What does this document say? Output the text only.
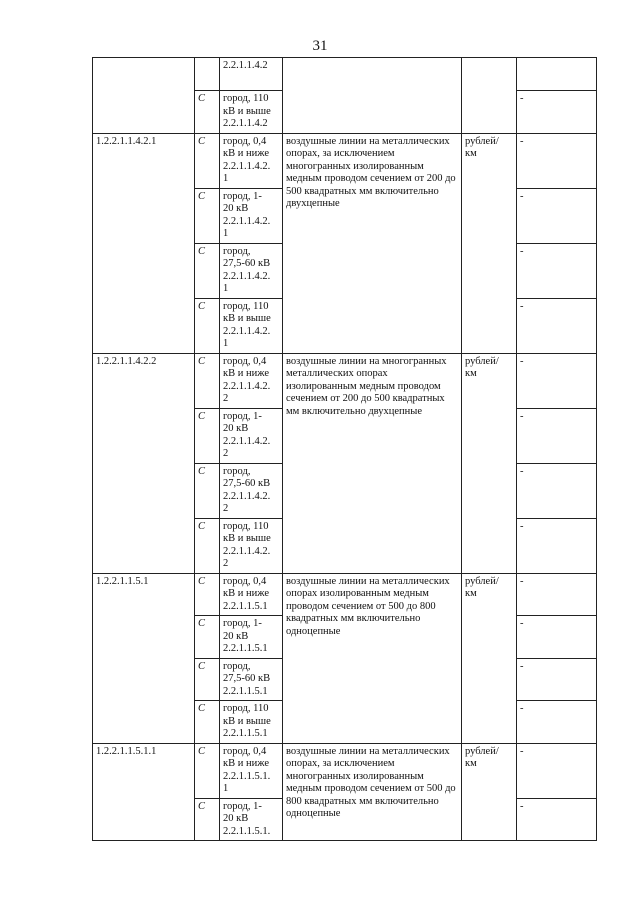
31
		2.2.1.1.4.2			
	С	город, 110
кВ и выше
2.2.1.1.4.2			-
1.2.2.1.1.4.2.1	С	город, 0,4
кВ и ниже
2.2.1.1.4.2.
1	воздушные линии на металлических опорах, за исключением многогранных изолированным медным проводом сечением от 200 до 500 квадратных мм включительно двухцепные	рублей/
км	-
	С	город, 1-
20 кВ
2.2.1.1.4.2.
1			-
	С	город,
27,5-60 кВ
2.2.1.1.4.2.
1			-
	С	город, 110
кВ и выше
2.2.1.1.4.2.
1			-
1.2.2.1.1.4.2.2	С	город, 0,4
кВ и ниже
2.2.1.1.4.2.
2	воздушные линии на многогранных металлических опорах изолированным медным проводом сечением от 200 до 500 квадратных мм включительно двухцепные	рублей/
км	-
	С	город, 1-
20 кВ
2.2.1.1.4.2.
2			-
	С	город,
27,5-60 кВ
2.2.1.1.4.2.
2			-
	С	город, 110
кВ и выше
2.2.1.1.4.2.
2			-
1.2.2.1.1.5.1	С	город, 0,4
кВ и ниже
2.2.1.1.5.1	воздушные линии на металлических опорах изолированным медным проводом сечением от 500 до 800 квадратных мм включительно одноцепные	рублей/
км	-
	С	город, 1-
20 кВ
2.2.1.1.5.1			-
	С	город,
27,5-60 кВ
2.2.1.1.5.1			-
	С	город, 110
кВ и выше
2.2.1.1.5.1			-
1.2.2.1.1.5.1.1	С	город, 0,4
кВ и ниже
2.2.1.1.5.1.
1	воздушные линии на металлических опорах, за исключением многогранных изолированным медным проводом сечением от 500 до 800 квадратных мм включительно одноцепные	рублей/
км	-
	С	город, 1-
20 кВ
2.2.1.1.5.1.			-
